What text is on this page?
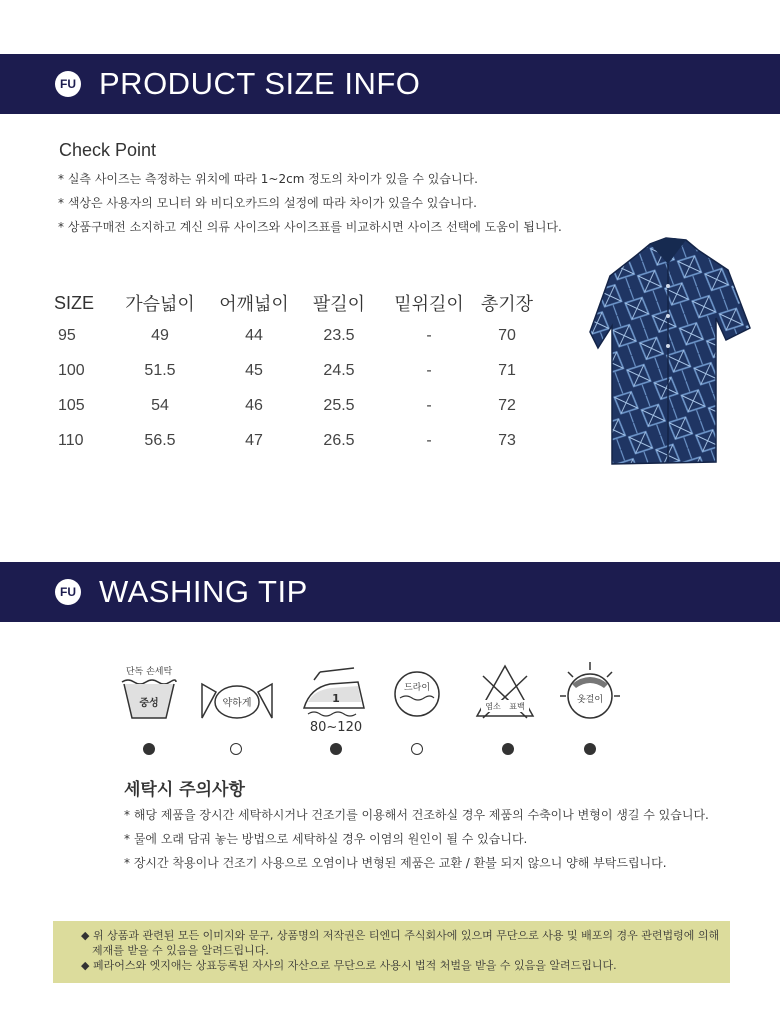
FU PRODUCT SIZE INFO
Check Point
* 실측 사이즈는 측정하는 위치에 따라 1~2cm 정도의 차이가 있을 수 있습니다.
* 색상은 사용자의 모니터 와 비디오카드의 설정에 따라 차이가 있을수 있습니다.
* 상품구매전 소지하고 계신 의류 사이즈와 사이즈표를 비교하시면 사이즈 선택에 도움이 됩니다.
SIZE	가슴넓이	어깨넓이	팔길이	밑위길이	총기장
95	49	44	23.5	-	70
100	51.5	45	24.5	-	71
105	54	46	25.5	-	72
110	56.5	47	26.5	-	73
FU WASHING TIP
단독 손세탁
중성	약하게	1
80~120
드라이
염소 표백
옷걸이
세탁시 주의사항
* 해당 제품을 장시간 세탁하시거나 건조기를 이용해서 건조하실 경우 제품의 수축이나 변형이 생길 수 있습니다.
* 물에 오래 담궈 놓는 방법으로 세탁하실 경우 이염의 원인이 될 수 있습니다.
* 장시간 착용이나 건조기 사용으로 오염이나 변형된 제품은 교환 / 환불 되지 않으니 양해 부탁드립니다.

◆ 위 상품과 관련된 모든 이미지와 문구, 상품명의 저작권은 티엔디 주식회사에 있으며 무단으로 사용 및 배포의 경우 관련법령에 의해

제재를 받을 수 있음을 알려드립니다.

◆ 페라어스와 엣지애는 상표등록된 자사의 자산으로 무단으로 사용시 법적 처벌을 받을 수 있음을 알려드립니다.
